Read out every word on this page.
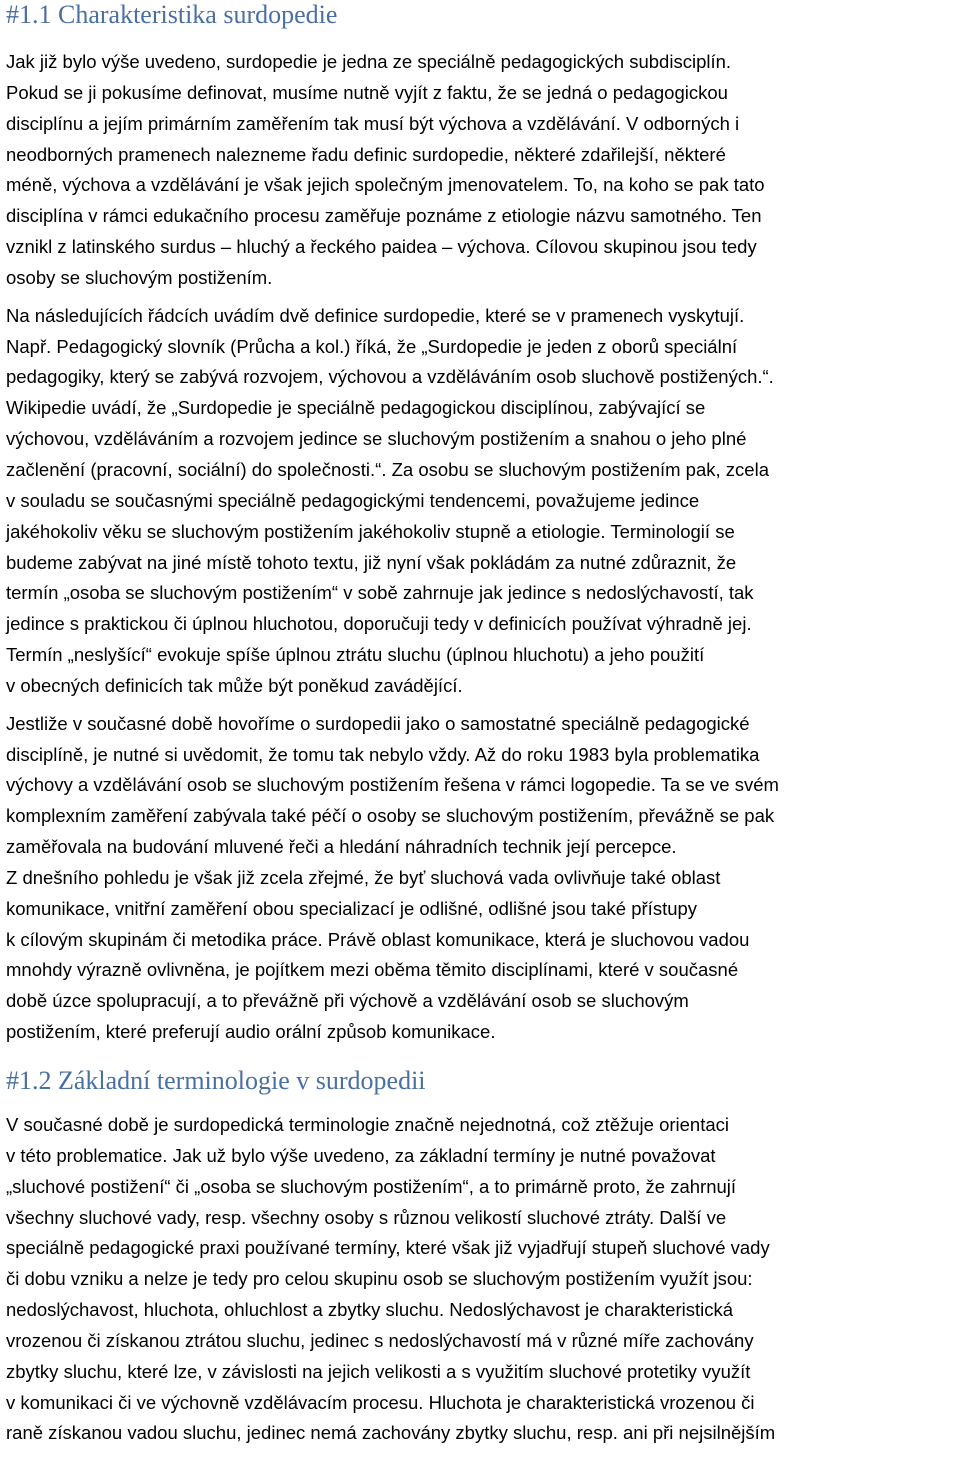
#1.1 Charakteristika surdopedie

Jak již bylo výše uvedeno, surdopedie je jedna ze speciálně pedagogických subdisciplín.
Pokud se ji pokusíme definovat, musíme nutně vyjít z faktu, že se jedná o pedagogickou
disciplínu a jejím primárním zaměřením tak musí být výchova a vzdělávání. V odborných i
neodborných pramenech nalezneme řadu definic surdopedie, některé zdařilejší, některé
méně, výchova a vzdělávání je však jejich společným jmenovatelem. To, na koho se pak tato
disciplína v rámci edukačního procesu zaměřuje poznáme z etiologie názvu samotného. Ten
vznikl z latinského surdus – hluchý a řeckého paidea – výchova. Cílovou skupinou jsou tedy
osoby se sluchovým postižením.

Na následujících řádcích uvádím dvě definice surdopedie, které se v pramenech vyskytují.
Např. Pedagogický slovník (Průcha a kol.) říká, že „Surdopedie je jeden z oborů speciální
pedagogiky, který se zabývá rozvojem, výchovou a vzděláváním osob sluchově postižených.“.
Wikipedie uvádí, že „Surdopedie je speciálně pedagogickou disciplínou, zabývající se
výchovou, vzděláváním a rozvojem jedince se sluchovým postižením a snahou o jeho plné
začlenění (pracovní, sociální) do společnosti.“. Za osobu se sluchovým postižením pak, zcela
v souladu se současnými speciálně pedagogickými tendencemi, považujeme jedince
jakéhokoliv věku se sluchovým postižením jakéhokoliv stupně a etiologie. Terminologií se
budeme zabývat na jiné místě tohoto textu, již nyní však pokládám za nutné zdůraznit, že
termín „osoba se sluchovým postižením“ v sobě zahrnuje jak jedince s nedoslýchavostí, tak
jedince s praktickou či úplnou hluchotou, doporučuji tedy v definicích používat výhradně jej.
Termín „neslyšící“ evokuje spíše úplnou ztrátu sluchu (úplnou hluchotu) a jeho použití
v obecných definicích tak může být poněkud zavádějící.

Jestliže v současné době hovoříme o surdopedii jako o samostatné speciálně pedagogické
disciplíně, je nutné si uvědomit, že tomu tak nebylo vždy. Až do roku 1983 byla problematika
výchovy a vzdělávání osob se sluchovým postižením řešena v rámci logopedie. Ta se ve svém
komplexním zaměření zabývala také péčí o osoby se sluchovým postižením, převážně se pak
zaměřovala na budování mluvené řeči a hledání náhradních technik její percepce.
Z dnešního pohledu je však již zcela zřejmé, že byť sluchová vada ovlivňuje také oblast
komunikace, vnitřní zaměření obou specializací je odlišné, odlišné jsou také přístupy
k cílovým skupinám či metodika práce. Právě oblast komunikace, která je sluchovou vadou
mnohdy výrazně ovlivněna, je pojítkem mezi oběma těmito disciplínami, které v současné
době úzce spolupracují, a to převážně při výchově a vzdělávání osob se sluchovým
postižením, které preferují audio orální způsob komunikace.

#1.2 Základní terminologie v surdopedii

V současné době je surdopedická terminologie značně nejednotná, což ztěžuje orientaci
v této problematice. Jak už bylo výše uvedeno, za základní termíny je nutné považovat
„sluchové postižení“ či „osoba se sluchovým postižením“, a to primárně proto, že zahrnují
všechny sluchové vady, resp. všechny osoby s různou velikostí sluchové ztráty. Další ve
speciálně pedagogické praxi používané termíny, které však již vyjadřují stupeň sluchové vady
či dobu vzniku a nelze je tedy pro celou skupinu osob se sluchovým postižením využít jsou:
nedoslýchavost, hluchota, ohluchlost a zbytky sluchu. Nedoslýchavost je charakteristická
vrozenou či získanou ztrátou sluchu, jedinec s nedoslýchavostí má v různé míře zachovány
zbytky sluchu, které lze, v závislosti na jejich velikosti a s využitím sluchové protetiky využít
v komunikaci či ve výchovně vzdělávacím procesu. Hluchota je charakteristická vrozenou či
raně získanou vadou sluchu, jedinec nemá zachovány zbytky sluchu, resp. ani při nejsilnějším
